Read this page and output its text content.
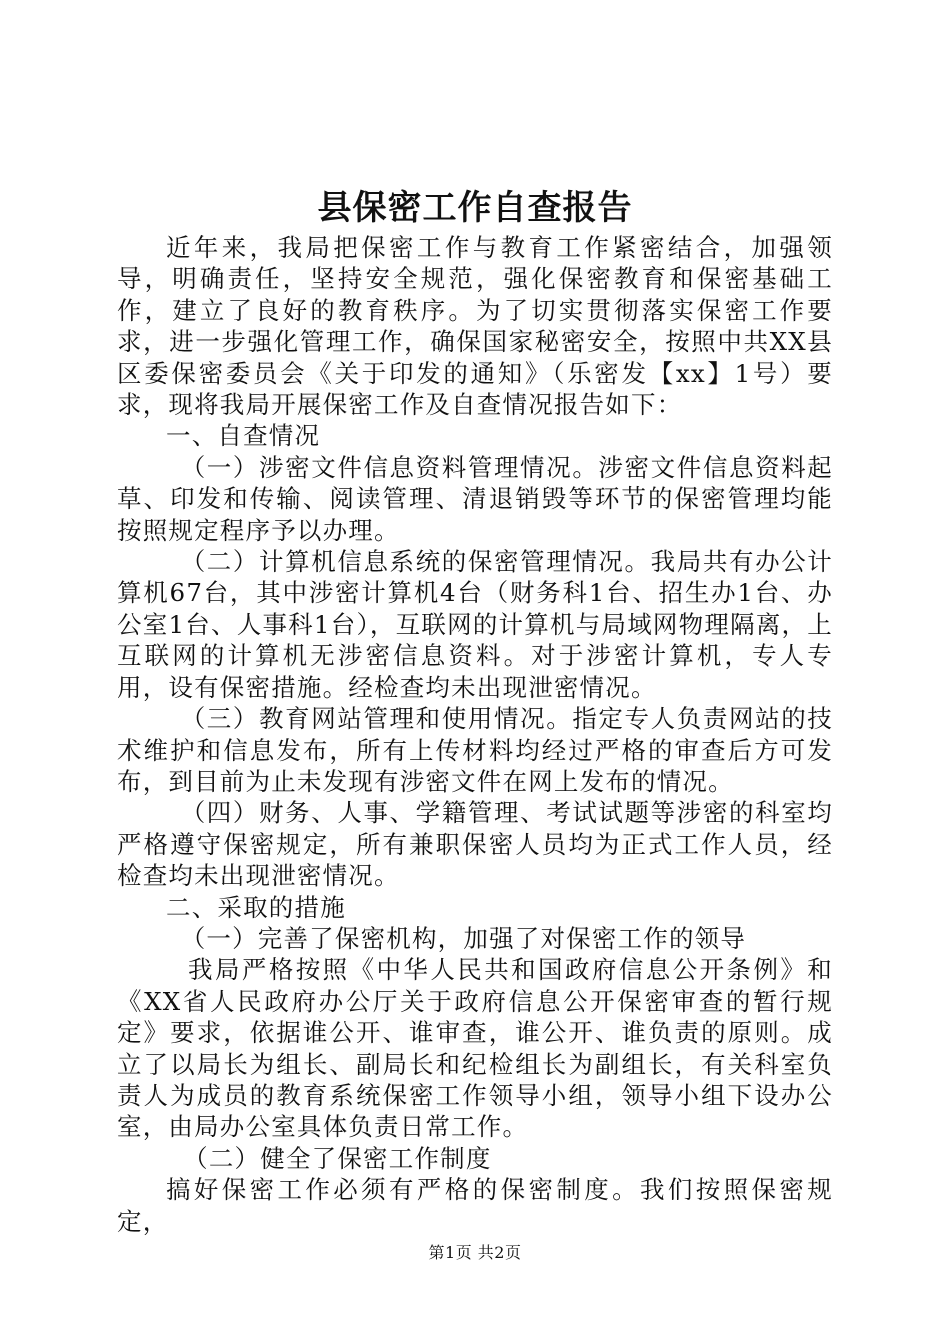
县保密工作自查报告

近年来，我局把保密工作与教育工作紧密结合，加强领导，明确责任，坚持安全规范，强化保密教育和保密基础工作，建立了良好的教育秩序。为了切实贯彻落实保密工作要求，进一步强化管理工作，确保国家秘密安全，按照中共XX县区委保密委员会《关于印发的通知》（乐密发【xx】1号）要求，现将我局开展保密工作及自查情况报告如下：

一、自查情况

（一）涉密文件信息资料管理情况。涉密文件信息资料起草、印发和传输、阅读管理、清退销毁等环节的保密管理均能按照规定程序予以办理。

（二）计算机信息系统的保密管理情况。我局共有办公计算机67台，其中涉密计算机4台（财务科1台、招生办1台、办公室1台、人事科1台），互联网的计算机与局域网物理隔离，上互联网的计算机无涉密信息资料。对于涉密计算机，专人专用，设有保密措施。经检查均未出现泄密情况。

（三）教育网站管理和使用情况。指定专人负责网站的技术维护和信息发布，所有上传材料均经过严格的审查后方可发布，到目前为止未发现有涉密文件在网上发布的情况。

（四）财务、人事、学籍管理、考试试题等涉密的科室均严格遵守保密规定，所有兼职保密人员均为正式工作人员，经检查均未出现泄密情况。

二、采取的措施

（一）完善了保密机构，加强了对保密工作的领导

我局严格按照《中华人民共和国政府信息公开条例》和《XX省人民政府办公厅关于政府信息公开保密审查的暂行规定》要求，依据谁公开、谁审查，谁公开、谁负责的原则。成立了以局长为组长、副局长和纪检组长为副组长，有关科室负责人为成员的教育系统保密工作领导小组，领导小组下设办公室，由局办公室具体负责日常工作。

（二）健全了保密工作制度

搞好保密工作必须有严格的保密制度。我们按照保密规定，

第1页 共2页
